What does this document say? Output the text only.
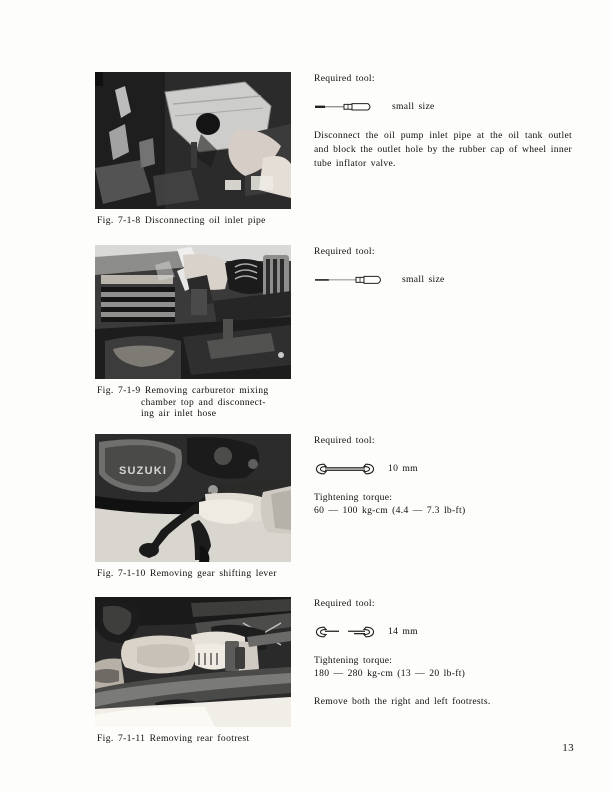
Fig. 7-1-8 Disconnecting oil inlet pipe

Required tool:

small size

Disconnect the oil pump inlet pipe at the oil tank outlet and block the outlet hole by the rubber cap of wheel inner tube inflator valve.

Fig. 7-1-9 Removing carburetor mixing
chamber top and disconnect-
ing air inlet hose

Required tool:

small size
SUZUKI
Fig. 7-1-10 Removing gear shifting lever

Required tool:

10 mm

Tightening torque:

60 — 100 kg-cm (4.4 — 7.3 lb-ft)

Fig. 7-1-11 Removing rear footrest

Required tool:

14 mm

Tightening torque:

180 — 280 kg-cm (13 — 20 lb-ft)

Remove both the right and left footrests.

13
